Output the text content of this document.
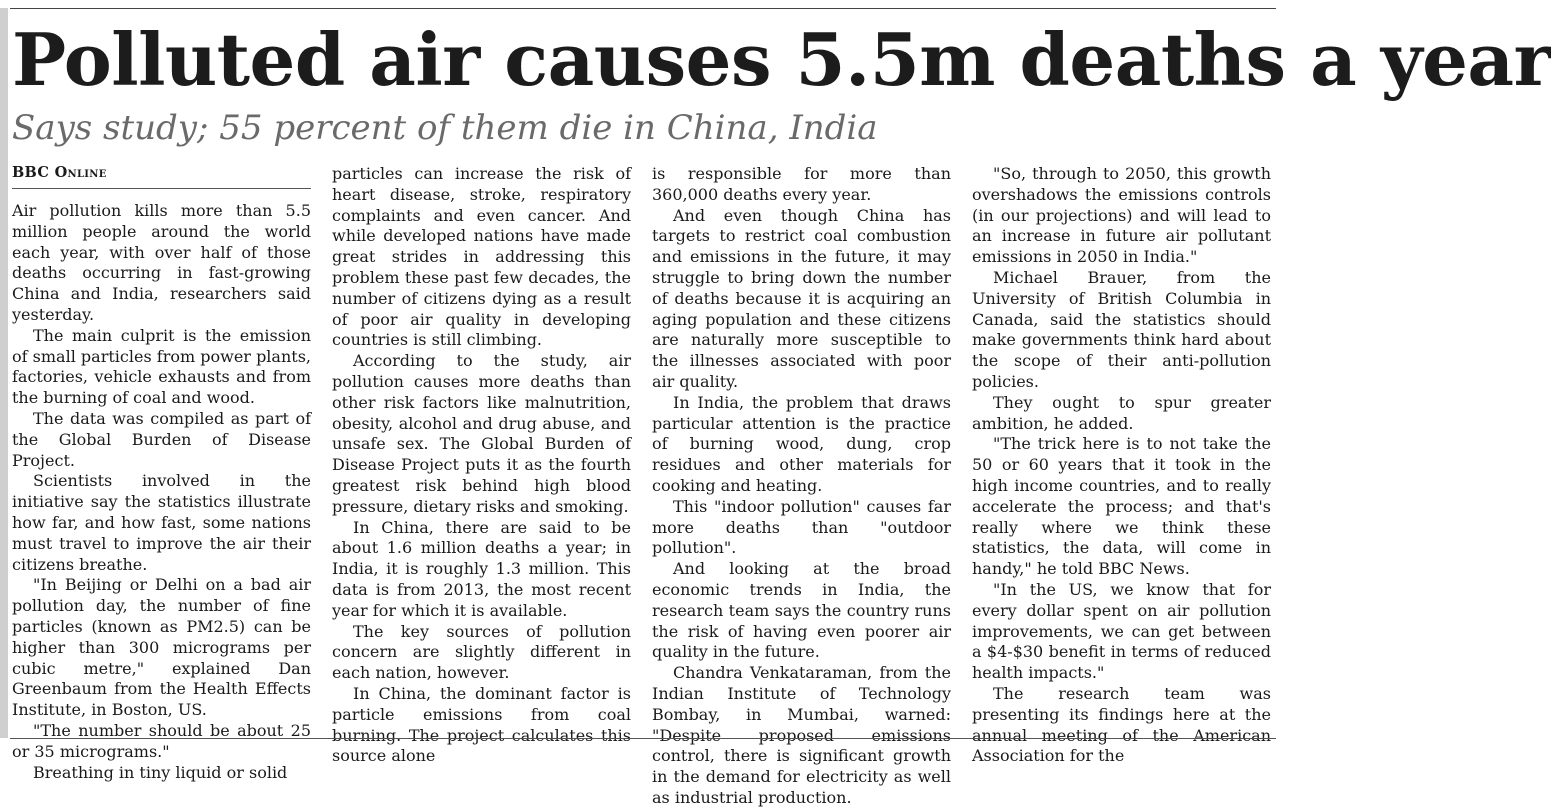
Polluted air causes 5.5m deaths a year
Says study; 55 percent of them die in China, India
BBC Online

Air pollution kills more than 5.5 million people around the world each year, with over half of those deaths occurring in fast-growing China and India, researchers said yesterday.

The main culprit is the emission of small particles from power plants, factories, vehicle exhausts and from the burning of coal and wood.

The data was compiled as part of the Global Burden of Disease Project.

Scientists involved in the initiative say the statistics illustrate how far, and how fast, some nations must travel to improve the air their citizens breathe.

"In Beijing or Delhi on a bad air pollution day, the number of fine particles (known as PM2.5) can be higher than 300 micrograms per cubic metre," explained Dan Greenbaum from the Health Effects Institute, in Boston, US.

"The number should be about 25 or 35 micrograms."

Breathing in tiny liquid or solid

particles can increase the risk of heart disease, stroke, respiratory complaints and even cancer. And while developed nations have made great strides in addressing this problem these past few decades, the number of citizens dying as a result of poor air quality in developing countries is still climbing.

According to the study, air pollution causes more deaths than other risk factors like malnutrition, obesity, alcohol and drug abuse, and unsafe sex. The Global Burden of Disease Project puts it as the fourth greatest risk behind high blood pressure, dietary risks and smoking.

In China, there are said to be about 1.6 million deaths a year; in India, it is roughly 1.3 million. This data is from 2013, the most recent year for which it is available.

The key sources of pollution concern are slightly different in each nation, however.

In China, the dominant factor is particle emissions from coal burning. The project calculates this source alone

is responsible for more than 360,000 deaths every year.

And even though China has targets to restrict coal combustion and emissions in the future, it may struggle to bring down the number of deaths because it is acquiring an aging population and these citizens are naturally more susceptible to the illnesses associated with poor air quality.

In India, the problem that draws particular attention is the practice of burning wood, dung, crop residues and other materials for cooking and heating.

This "indoor pollution" causes far more deaths than "outdoor pollution".

And looking at the broad economic trends in India, the research team says the country runs the risk of having even poorer air quality in the future.

Chandra Venkataraman, from the Indian Institute of Technology Bombay, in Mumbai, warned: "Despite proposed emissions control, there is significant growth in the demand for electricity as well as industrial production.

"So, through to 2050, this growth overshadows the emissions controls (in our projections) and will lead to an increase in future air pollutant emissions in 2050 in India."

Michael Brauer, from the University of British Columbia in Canada, said the statistics should make governments think hard about the scope of their anti-pollution policies.

They ought to spur greater ambition, he added.

"The trick here is to not take the 50 or 60 years that it took in the high income countries, and to really accelerate the process; and that's really where we think these statistics, the data, will come in handy," he told BBC News.

"In the US, we know that for every dollar spent on air pollution improvements, we can get between a $4-$30 benefit in terms of reduced health impacts."

The research team was presenting its findings here at the annual meeting of the American Association for the
